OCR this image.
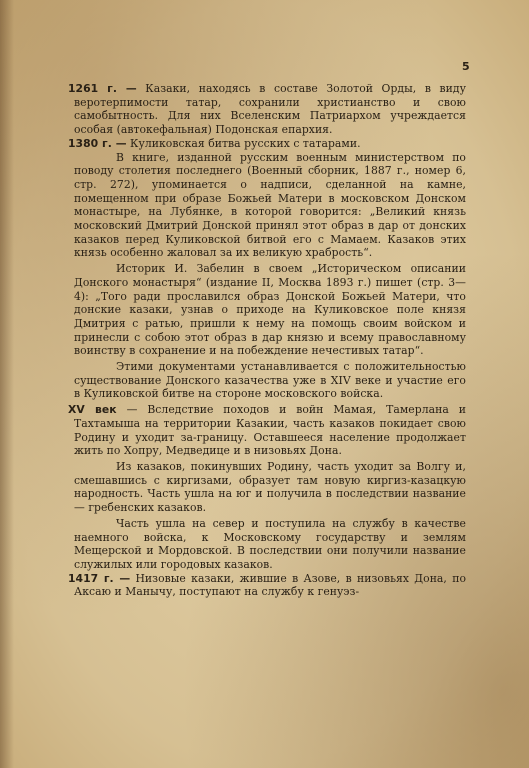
5

1261 г. — Казаки, находясь в составе Золотой Орды, в виду веротерпимости татар, сохранили христианство и свою самобытность. Для них Вселенским Патриархом учреждается особая (автокефальная) Подонская епархия.

1380 г. — Куликовская битва русских с татарами.

В книге, изданной русским военным министерством по поводу столетия последнего (Военный сборник, 1887 г., номер 6, стр. 272), упоминается о надписи, сделанной на камне, помещенном при образе Божьей Матери в московском Донском монастыре, на Лубянке, в которой говорится: „Великий князь московский Дмитрий Донской принял этот образ в дар от донских казаков перед Куликовской битвой его с Мамаем. Казаков этих князь особенно жаловал за их великую храбрость“.

Историк И. Забелин в своем „Историческом описании Донского монастыря“ (издание II, Москва 1893 г.) пишет (стр. 3—4): „Того ради прославился образ Донской Божьей Матери, что донские казаки, узнав о приходе на Куликовское поле князя Дмитрия с ратью, пришли к нему на помощь своим войском и принесли с собою этот образ в дар князю и всему православному воинству в сохранение и на побеждение нечестивых татар“.

Этими документами устанавливается с положительностью существование Донского казачества уже в XIV веке и участие его в Куликовской битве на стороне московского войска.

XV век — Вследствие походов и войн Мамая, Тамерлана и Тахтамыша на территории Казакии, часть казаков покидает свою Родину и уходит за-границу. Оставшееся население продолжает жить по Хопру, Медведице и в низовьях Дона.

Из казаков, покинувших Родину, часть уходит за Волгу и, смешавшись с киргизами, образует там новую киргиз-казацкую народность. Часть ушла на юг и получила в последствии название — гребенских казаков.

Часть ушла на север и поступила на службу в качестве наемного войска, к Московскому государству и землям Мещерской и Мордовской. В последствии они получили название служилых или городовых казаков.

1417 г. — Низовые казаки, жившие в Азове, в низовьях Дона, по Аксаю и Манычу, поступают на службу к генуэз-
